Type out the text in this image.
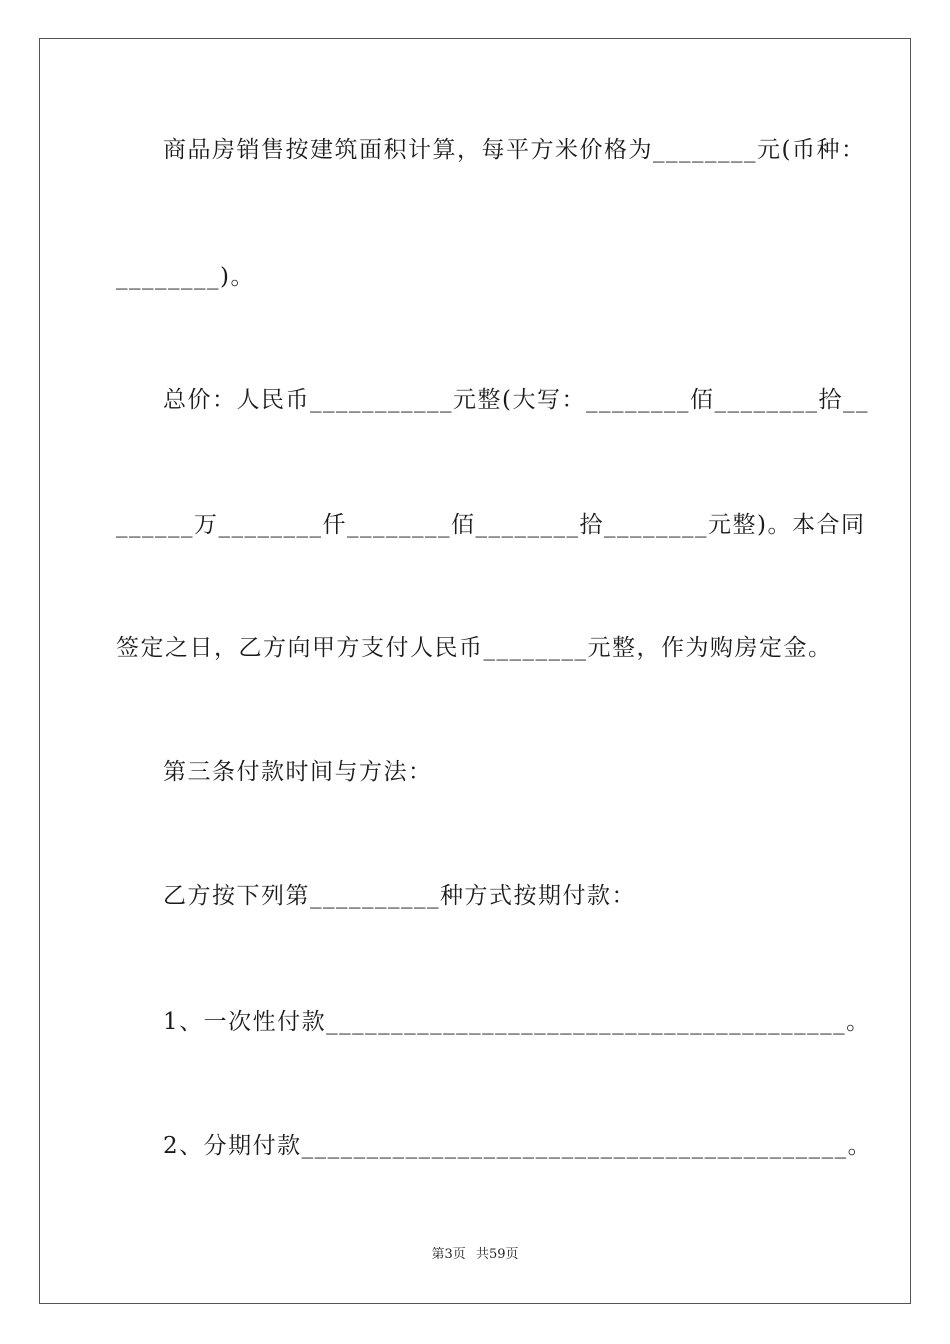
商品房销售按建筑面积计算，每平方米价格为________元(币种：
________)。
总价：人民币___________元整(大写：________佰________拾__
______万________仟________佰________拾________元整)。本合同
签定之日，乙方向甲方支付人民币________元整，作为购房定金。
第三条付款时间与方法：
乙方按下列第__________种方式按期付款：
1、一次性付款________________________________________。
2、分期付款__________________________________________。
第3页 共59页
